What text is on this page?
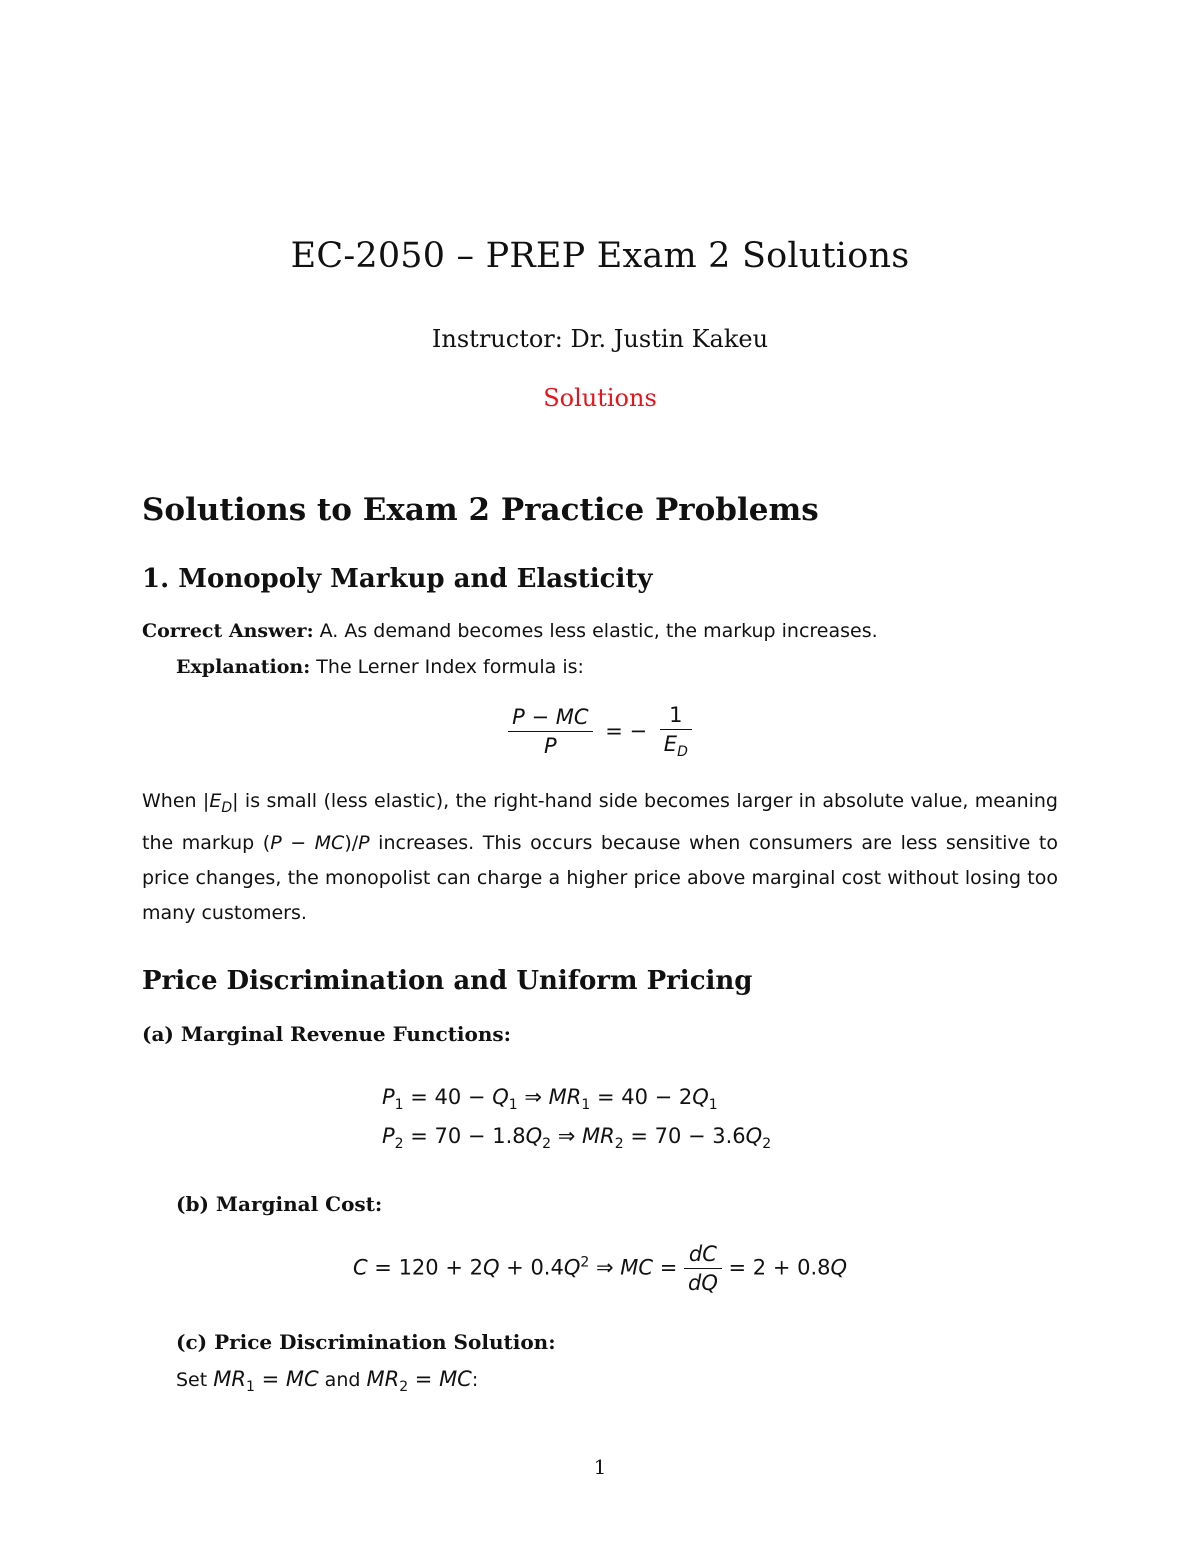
EC-2050 – PREP Exam 2 Solutions
Instructor: Dr. Justin Kakeu
Solutions
Solutions to Exam 2 Practice Problems
1. Monopoly Markup and Elasticity
Correct Answer: A. As demand becomes less elastic, the markup increases.
Explanation: The Lerner Index formula is:
$\frac{P - MC}{P}$ = − $\frac{1}{E_D}$

When $|E_D|$ is small (less elastic), the right-hand side becomes larger in absolute value, meaning the markup (P − MC)/P increases. This occurs because when consumers are less sensitive to price changes, the monopolist can charge a higher price above marginal cost without losing too many customers.

Price Discrimination and Uniform Pricing
(a) Marginal Revenue Functions:
$P_1 = 40 - Q_1$ ⇒ $MR_1 = 40 - 2Q_1$
$P_2 = 70 - 1.8Q_2$ ⇒ $MR_2 = 70 - 3.6Q_2$
(b) Marginal Cost:
$C = 120 + 2Q + 0.4Q^2$ ⇒ MC = $\frac{dC}{dQ} = 2 + 0.8Q$
(c) Price Discrimination Solution:
Set $MR_1$ = MC and $MR_2$ = MC:
1
